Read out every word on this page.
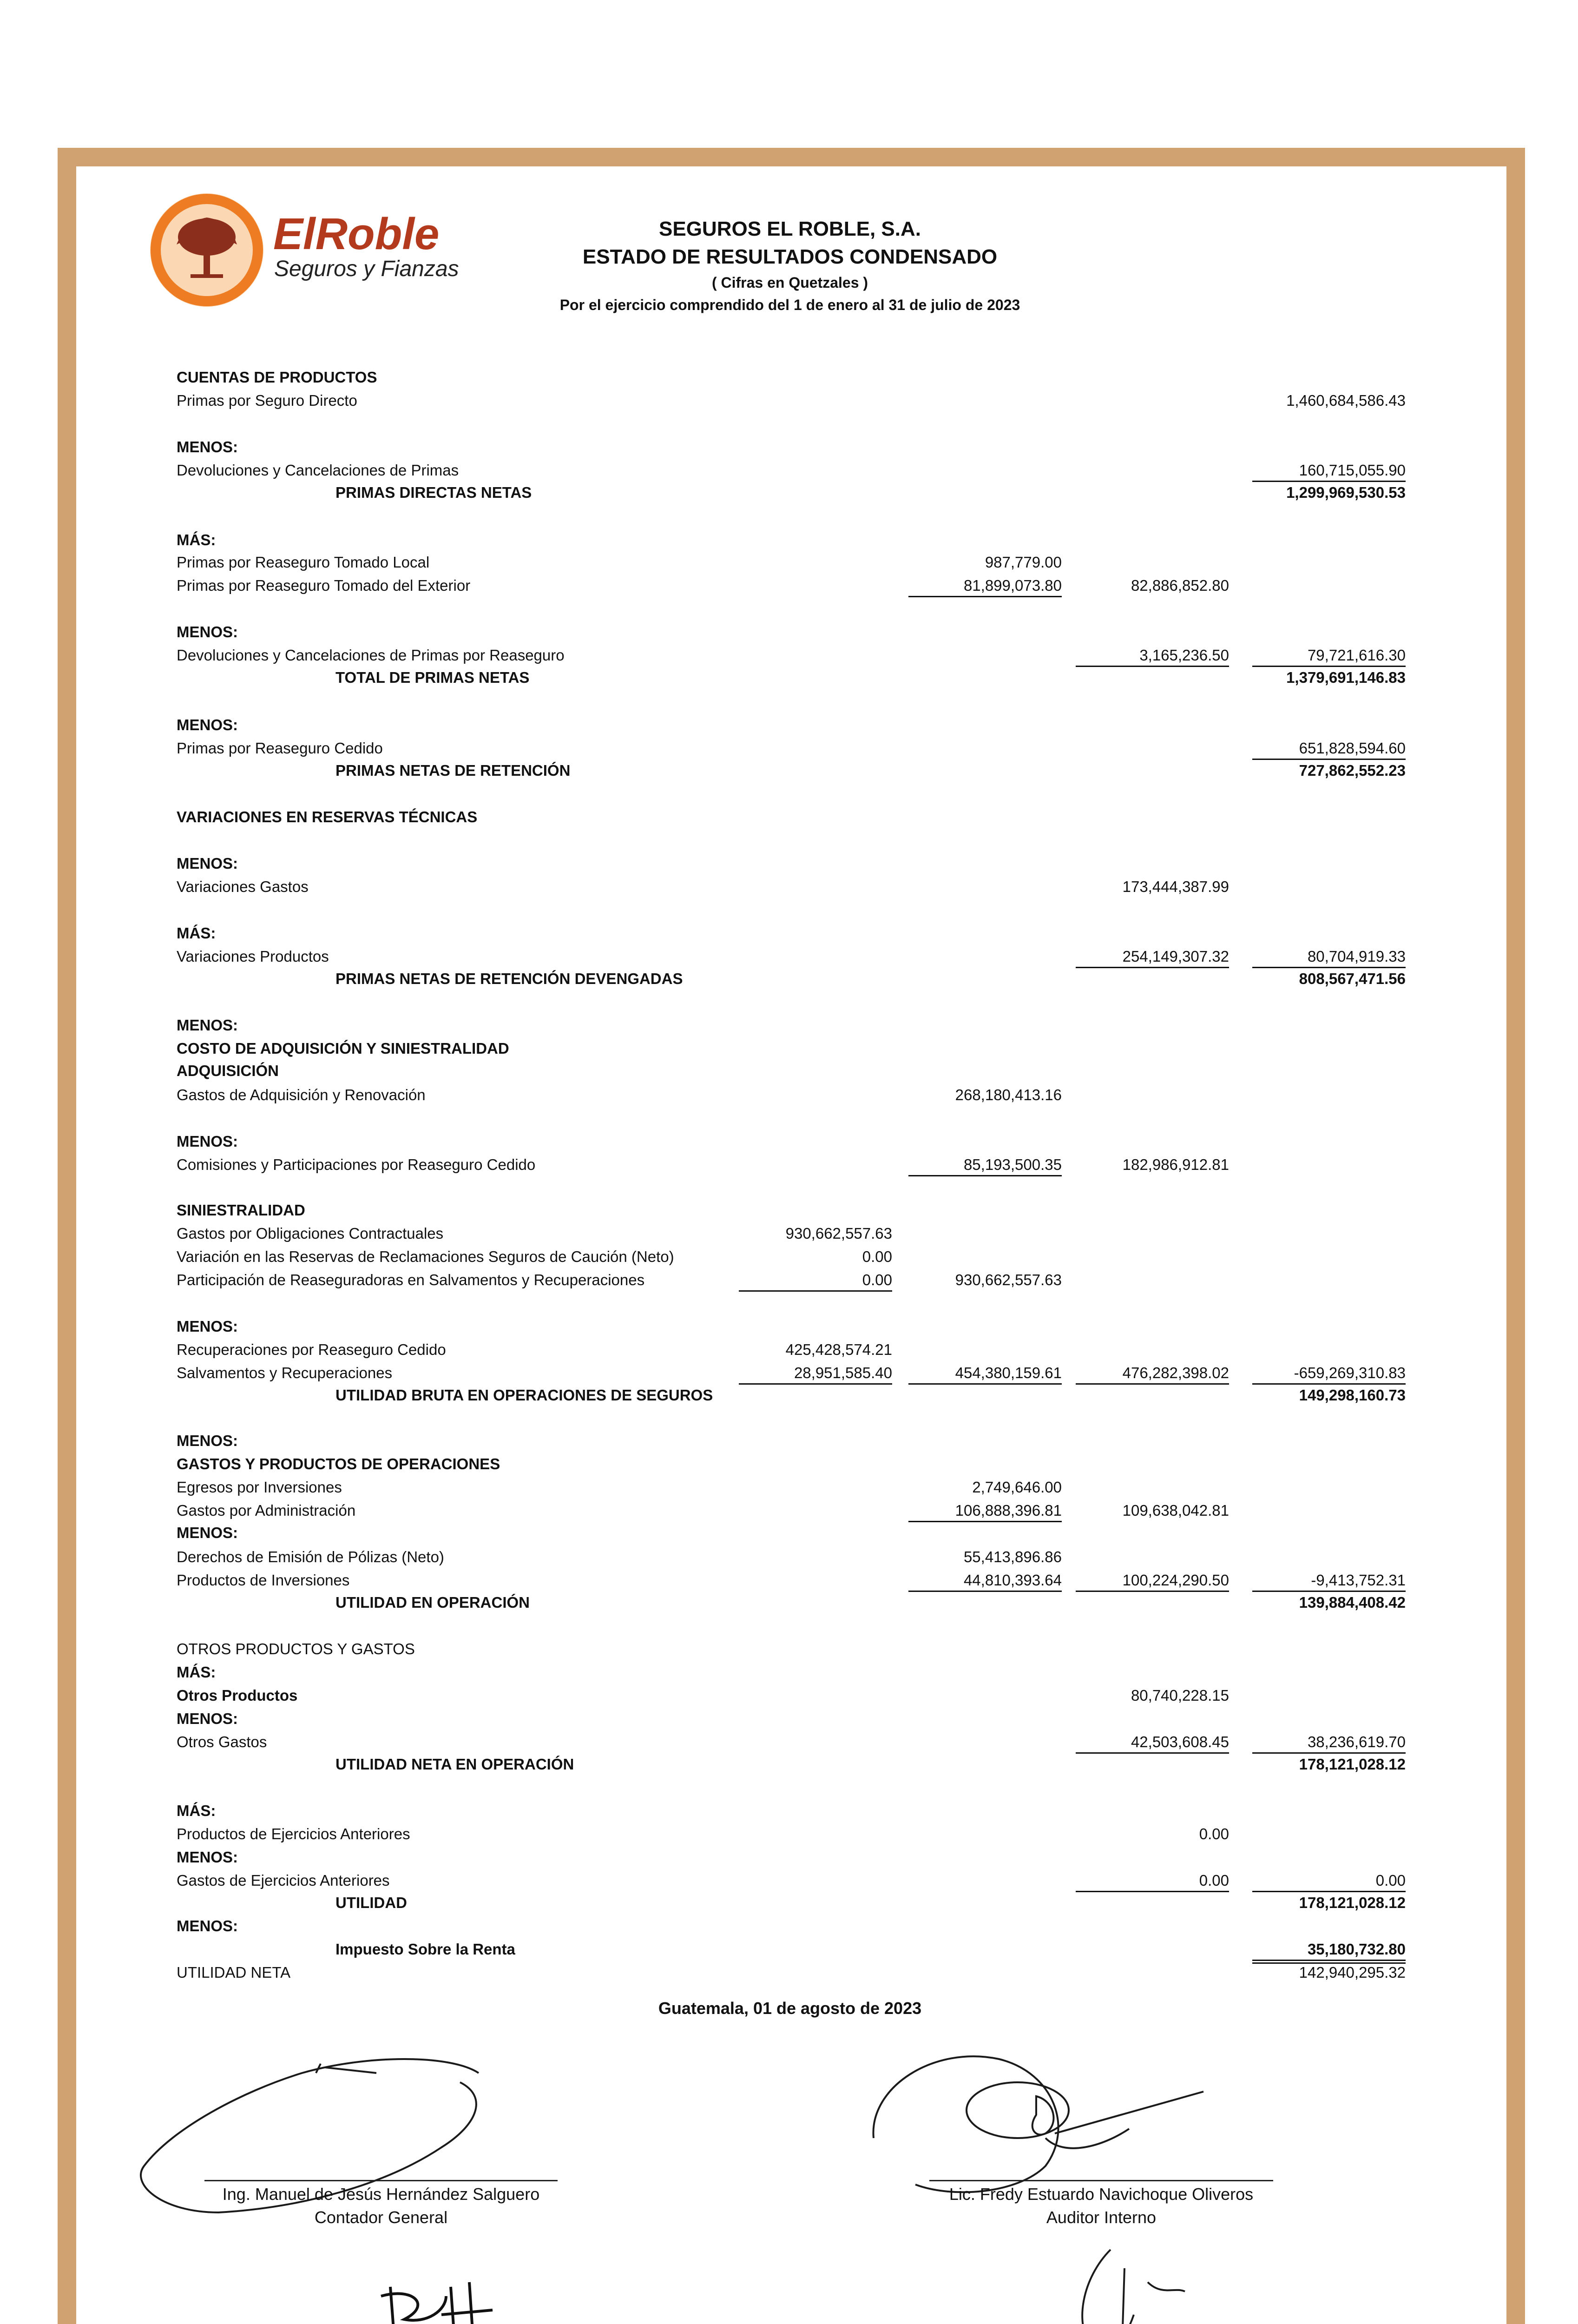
ElRoble
Seguros y Fianzas
SEGUROS EL ROBLE, S.A.
ESTADO DE RESULTADOS CONDENSADO
( Cifras en Quetzales )
Por el ejercicio comprendido del 1 de enero al 31 de julio de 2023
CUENTAS DE PRODUCTOS
Primas por Seguro Directo	1,460,684,586.43
MENOS:
Devoluciones y Cancelaciones de Primas	160,715,055.90
PRIMAS DIRECTAS NETAS	1,299,969,530.53
MÁS:
Primas por Reaseguro Tomado Local	987,779.00
Primas por Reaseguro Tomado del Exterior	81,899,073.80	82,886,852.80
MENOS:
Devoluciones y Cancelaciones de Primas por Reaseguro	3,165,236.50	79,721,616.30
TOTAL DE PRIMAS NETAS	1,379,691,146.83
MENOS:
Primas por Reaseguro Cedido	651,828,594.60
PRIMAS NETAS DE RETENCIÓN	727,862,552.23
VARIACIONES EN RESERVAS TÉCNICAS
MENOS:
Variaciones Gastos	173,444,387.99
MÁS:
Variaciones Productos	254,149,307.32	80,704,919.33
PRIMAS NETAS DE RETENCIÓN DEVENGADAS	808,567,471.56
MENOS:
COSTO DE ADQUISICIÓN Y SINIESTRALIDAD
ADQUISICIÓN
Gastos de Adquisición y Renovación	268,180,413.16
MENOS:
Comisiones y Participaciones por Reaseguro Cedido	85,193,500.35	182,986,912.81
SINIESTRALIDAD
Gastos por Obligaciones Contractuales	930,662,557.63
Variación en las Reservas de Reclamaciones Seguros de Caución (Neto)	0.00
Participación de Reaseguradoras en Salvamentos y Recuperaciones	0.00	930,662,557.63
MENOS:
Recuperaciones por Reaseguro Cedido	425,428,574.21
Salvamentos y Recuperaciones	28,951,585.40	454,380,159.61	476,282,398.02	-659,269,310.83
UTILIDAD BRUTA EN OPERACIONES DE SEGUROS	149,298,160.73
MENOS:
GASTOS Y PRODUCTOS DE OPERACIONES
Egresos por Inversiones	2,749,646.00
Gastos por Administración	106,888,396.81	109,638,042.81
MENOS:
Derechos de Emisión de Pólizas (Neto)	55,413,896.86
Productos de Inversiones	44,810,393.64	100,224,290.50	-9,413,752.31
UTILIDAD EN OPERACIÓN	139,884,408.42
OTROS PRODUCTOS Y GASTOS
MÁS:
Otros Productos	80,740,228.15
MENOS:
Otros Gastos	42,503,608.45	38,236,619.70
UTILIDAD NETA EN OPERACIÓN	178,121,028.12
MÁS:
Productos de Ejercicios Anteriores	0.00
MENOS:
Gastos de Ejercicios Anteriores	0.00	0.00
UTILIDAD	178,121,028.12
MENOS:
Impuesto Sobre la Renta	35,180,732.80
UTILIDAD NETA	142,940,295.32
Guatemala, 01 de agosto de 2023
Ing. Manuel de Jesús Hernández Salguero
Contador General
Lic. Fredy Estuardo Navichoque Oliveros
Auditor Interno
